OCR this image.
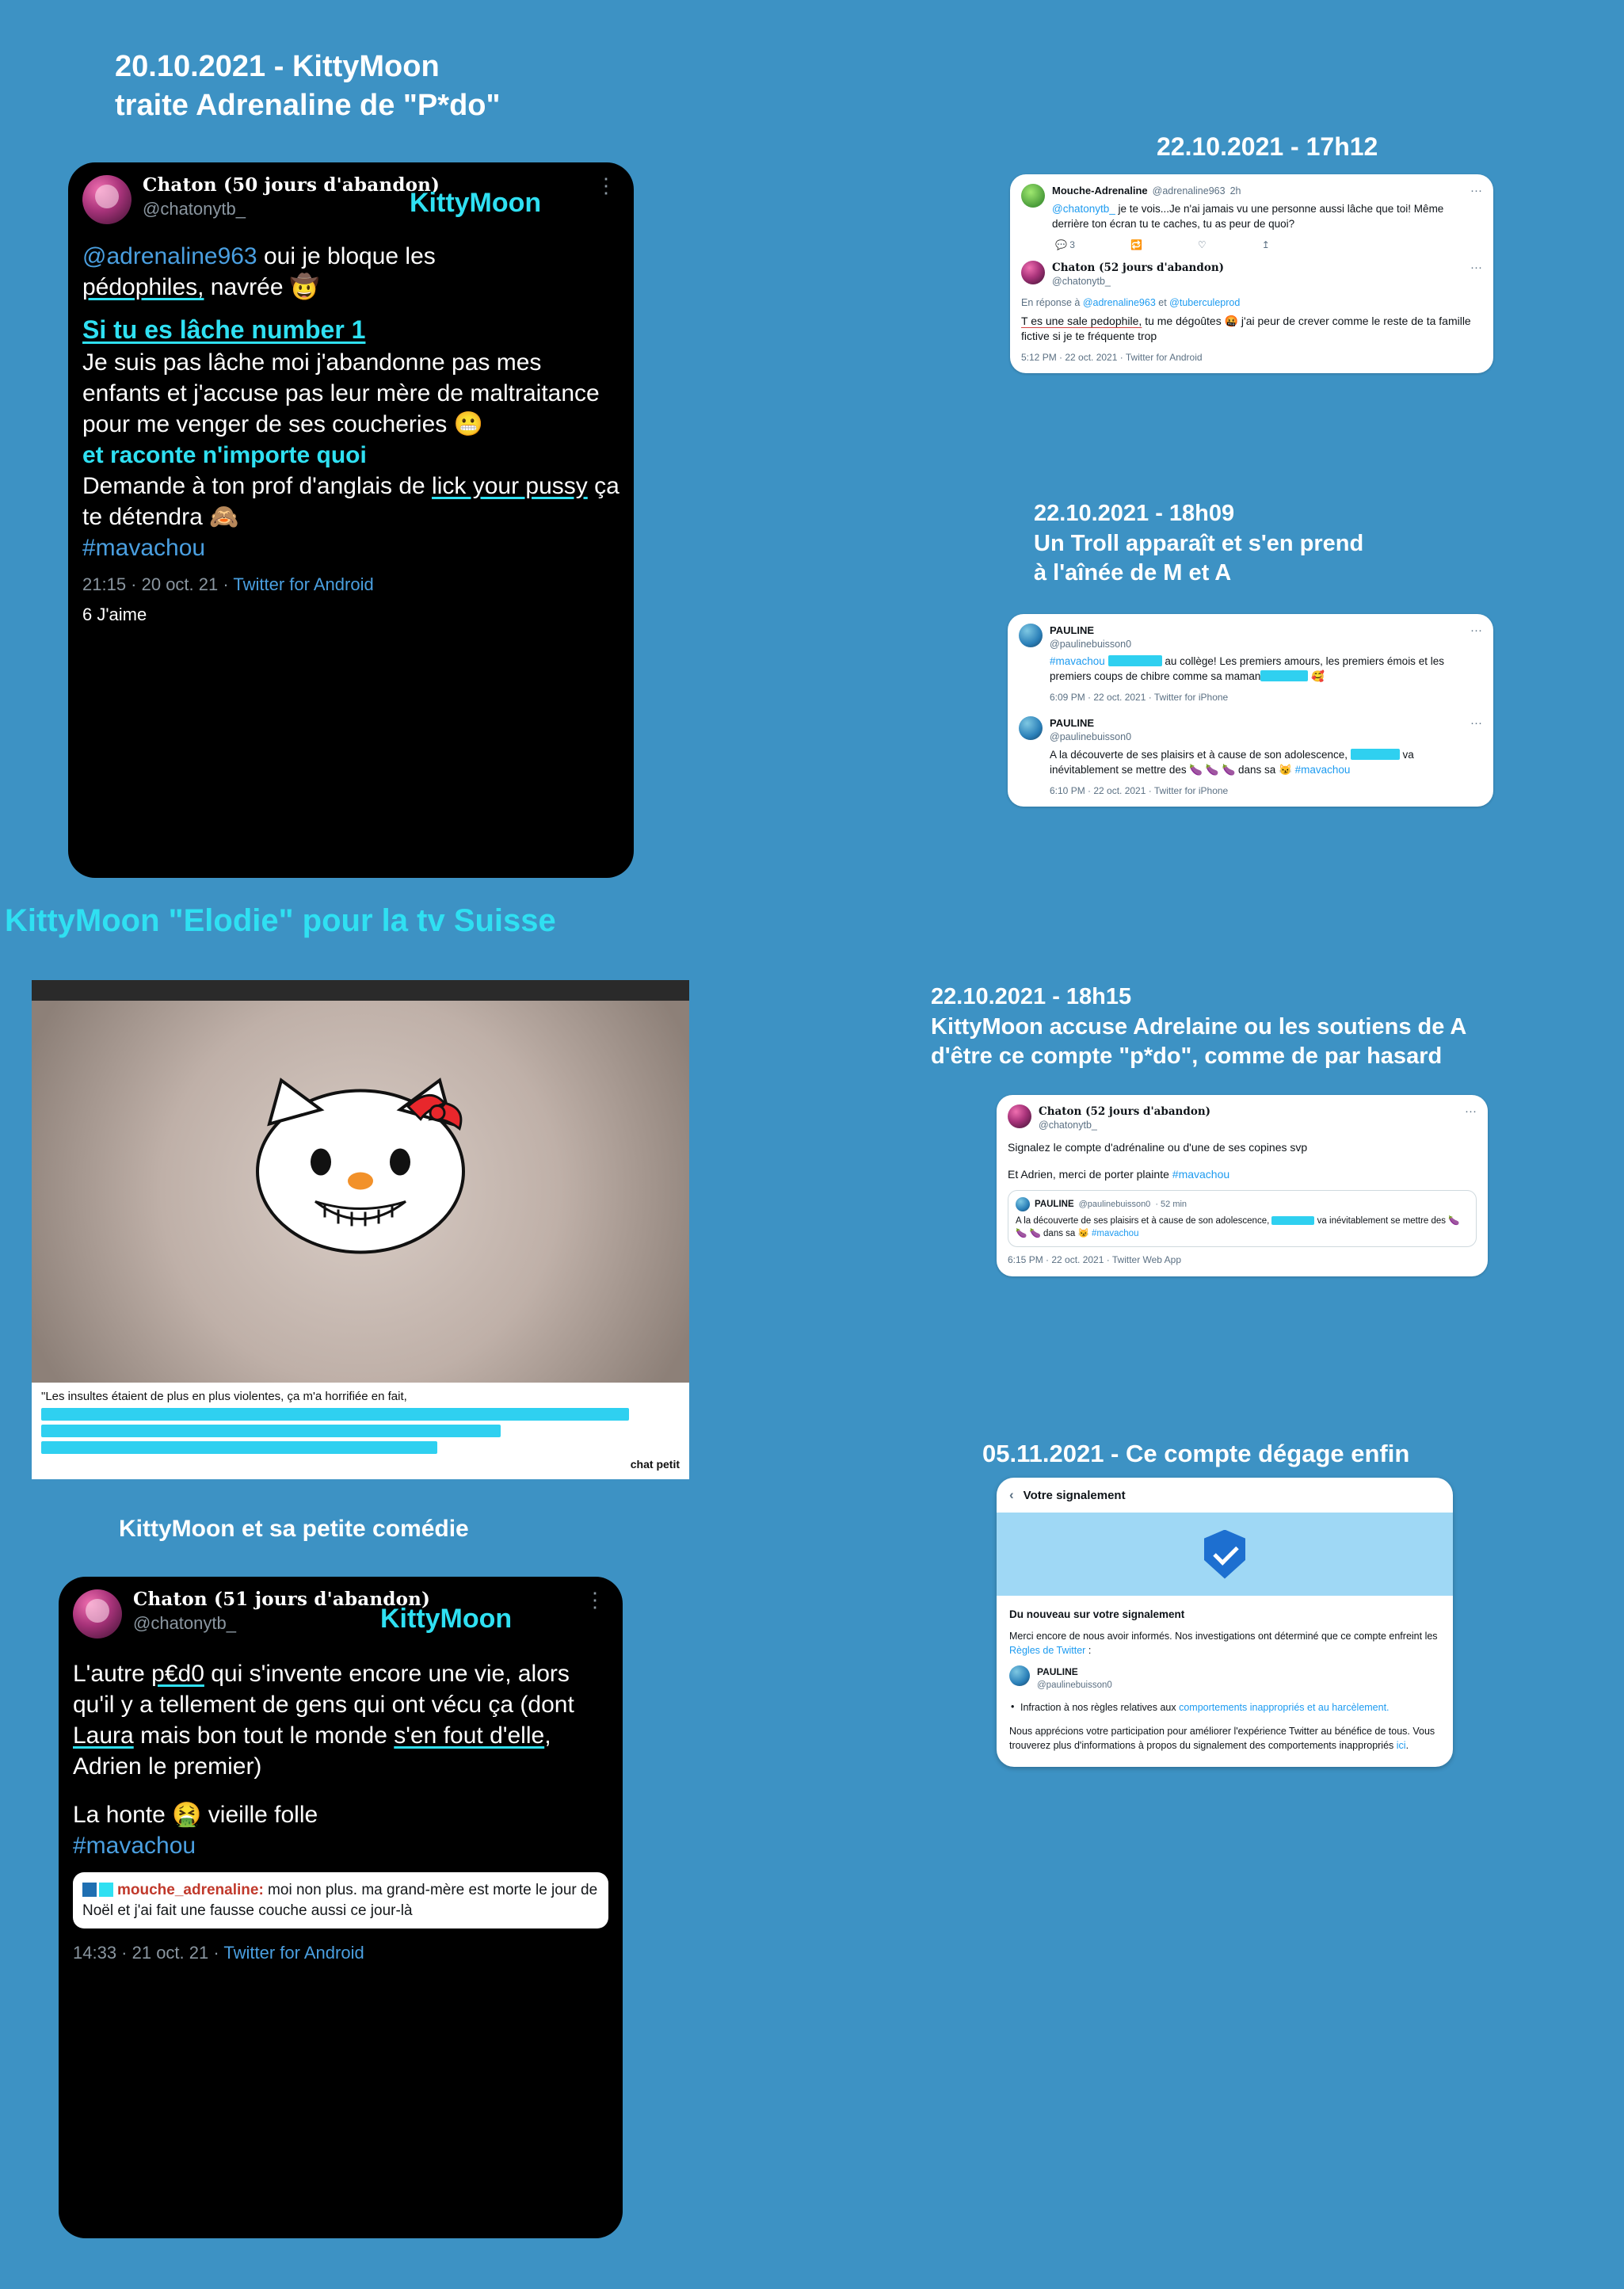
20.10.2021 - KittyMoon
traite Adrenaline de "P*do"
Chaton (50 jours d'abandon)
@chatonytb_
⋮
KittyMoon
@adrenaline963 oui je bloque les
pédophiles, navrée 🤠
Si tu es lâche number 1
Je suis pas lâche moi j'abandonne pas mes enfants et j'accuse pas leur mère de maltraitance pour me venger de ses coucheries 😬
et raconte n'importe quoi
Demande à ton prof d'anglais de lick your pussy ça te détendra 🙈
#mavachou
21:15 · 20 oct. 21 · Twitter for Android
6 J'aime
KittyMoon "Elodie" pour la tv Suisse
"Les insultes étaient de plus en plus violentes, ça m'a horrifiée en fait,
chat petit
KittyMoon et sa petite comédie
Chaton (51 jours d'abandon)
@chatonytb_
⋮
KittyMoon
L'autre p€d0 qui s'invente encore une vie, alors qu'il y a tellement de gens qui ont vécu ça (dont Laura mais bon tout le monde s'en fout d'elle, Adrien le premier)
La honte 🤮 vieille folle
#mavachou
mouche_adrenaline: moi non plus. ma grand-mère est morte le jour de Noël et j'ai fait une fausse couche aussi ce jour-là
14:33 · 21 oct. 21 · Twitter for Android
22.10.2021 - 17h12
Mouche-Adrenaline @adrenaline963 2h	···
@chatonytb_ je te vois...Je n'ai jamais vu une personne aussi lâche que toi! Même derrière ton écran tu te caches, tu as peur de quoi?
💬 3	🔁	♡	↥
Chaton (52 jours d'abandon)	···
@chatonytb_
En réponse à @adrenaline963 et @tuberculeprod
T es une sale pedophile, tu me dégoûtes 🤬 j'ai peur de crever comme le reste de ta famille fictive si je te fréquente trop
5:12 PM · 22 oct. 2021 · Twitter for Android
22.10.2021 - 18h09
Un Troll apparaît et s'en prend
à l'aînée de M et A
PAULINE	···
@paulinebuisson0
#mavachou	au collège! Les premiers amours, les premiers émois et les premiers coups de chibre comme sa maman	🥰
6:09 PM · 22 oct. 2021 · Twitter for iPhone
PAULINE	···
@paulinebuisson0
A la découverte de ses plaisirs et à cause de son adolescence,	va inévitablement se mettre des 🍆 🍆 🍆 dans sa 😼 #mavachou
6:10 PM · 22 oct. 2021 · Twitter for iPhone
22.10.2021 - 18h15
KittyMoon accuse Adrelaine ou les soutiens de A
d'être ce compte "p*do", comme de par hasard
Chaton (52 jours d'abandon)	···
@chatonytb_
Signalez le compte d'adrénaline ou d'une de ses copines svp
Et Adrien, merci de porter plainte #mavachou
PAULINE @paulinebuisson0 · 52 min
A la découverte de ses plaisirs et à cause de son adolescence,	va inévitablement se mettre des 🍆 🍆 🍆 dans sa 😼 #mavachou
6:15 PM · 22 oct. 2021 · Twitter Web App
05.11.2021 - Ce compte dégage enfin
‹ Votre signalement
Du nouveau sur votre signalement
Merci encore de nous avoir informés. Nos investigations ont déterminé que ce compte enfreint les Règles de Twitter :
PAULINE
@paulinebuisson0
• Infraction à nos règles relatives aux comportements inappropriés et au harcèlement.
Nous apprécions votre participation pour améliorer l'expérience Twitter au bénéfice de tous. Vous trouverez plus d'informations à propos du signalement des comportements inappropriés ici.
